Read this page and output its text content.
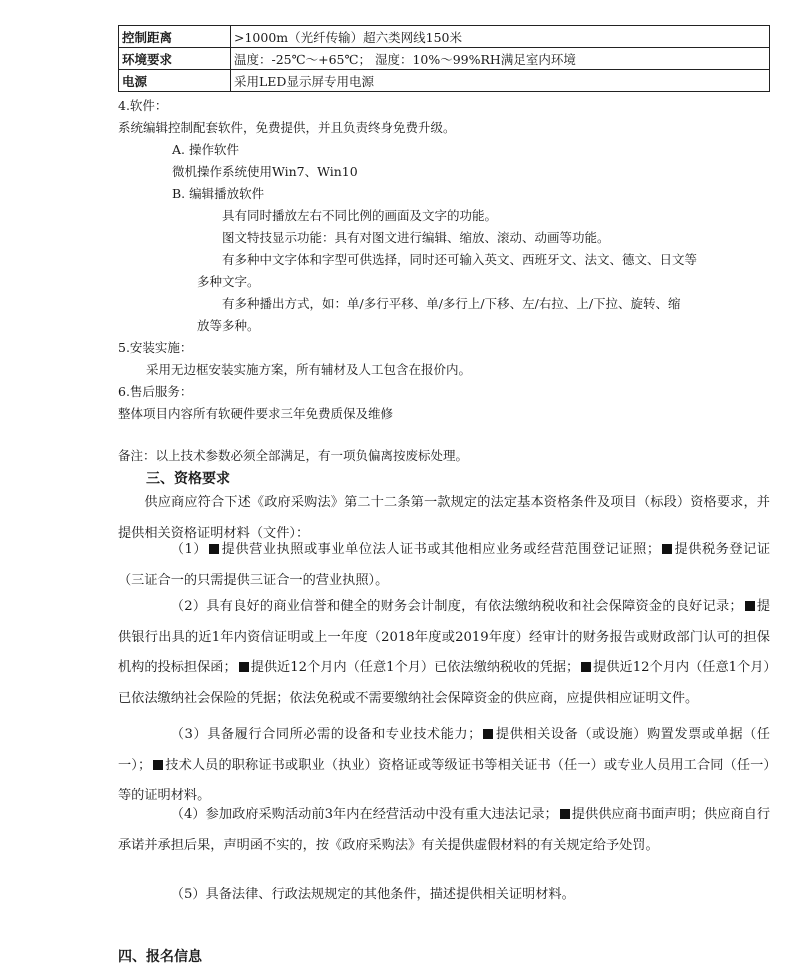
控制距离	>1000m（光纤传输）超六类网线150米
环境要求	温度：-25℃～+65℃； 湿度：10%～99%RH满足室内环境
电源	采用LED显示屏专用电源
4.软件：
系统编辑控制配套软件，免费提供，并且负责终身免费升级。
A. 操作软件
微机操作系统使用Win7、Win10
B. 编辑播放软件
具有同时播放左右不同比例的画面及文字的功能。
图文特技显示功能：具有对图文进行编辑、缩放、滚动、动画等功能。
有多种中文字体和字型可供选择，同时还可输入英文、西班牙文、法文、德文、日文等
多种文字。
有多种播出方式，如：单/多行平移、单/多行上/下移、左/右拉、上/下拉、旋转、缩
放等多种。
5.安装实施：
采用无边框安装实施方案，所有辅材及人工包含在报价内。
6.售后服务：
整体项目内容所有软硬件要求三年免费质保及维修
备注：以上技术参数必须全部满足，有一项负偏离按废标处理。
三、资格要求
供应商应符合下述《政府采购法》第二十二条第一款规定的法定基本资格条件及项目（标段）资格要求，并提供相关资格证明材料（文件）：
（1） 提供营业执照或事业单位法人证书或其他相应业务或经营范围登记证照； 提供税务登记证（三证合一的只需提供三证合一的营业执照）。
（2）具有良好的商业信誉和健全的财务会计制度，有依法缴纳税收和社会保障资金的良好记录； 提供银行出具的近1年内资信证明或上一年度（2018年度或2019年度）经审计的财务报告或财政部门认可的担保机构的投标担保函； 提供近12个月内（任意1个月）已依法缴纳税收的凭据； 提供近12个月内（任意1个月）已依法缴纳社会保险的凭据；依法免税或不需要缴纳社会保障资金的供应商，应提供相应证明文件。
（3）具备履行合同所必需的设备和专业技术能力； 提供相关设备（或设施）购置发票或单据（任一）； 技术人员的职称证书或职业（执业）资格证或等级证书等相关证书（任一）或专业人员用工合同（任一）等的证明材料。
（4）参加政府采购活动前3年内在经营活动中没有重大违法记录； 提供供应商书面声明；供应商自行承诺并承担后果，声明函不实的，按《政府采购法》有关提供虚假材料的有关规定给予处罚。
（5）具备法律、行政法规规定的其他条件，描述提供相关证明材料。
四、报名信息
